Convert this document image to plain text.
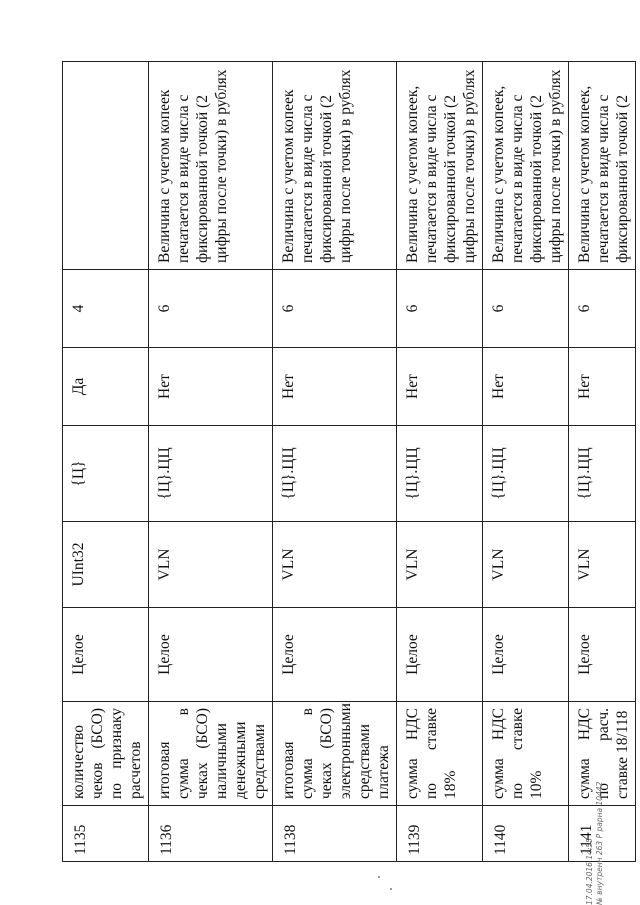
1135	количество чеков (БСО) по признаку расчетов	Целое	UInt32	{Ц}	Да	4	
1136	итоговая сумма в чеках (БСО) наличными денежными средствами	Целое	VLN	{Ц}.ЦЦ	Нет	6	Величина с учетом копеек печатается в виде числа с фиксированной точкой (2 цифры после точки) в рублях
1138	итоговая сумма в чеках (БСО) электронными средствами платежа	Целое	VLN	{Ц}.ЦЦ	Нет	6	Величина с учетом копеек печатается в виде числа с фиксированной точкой (2 цифры после точки) в рублях
1139	сумма НДС по ставке 18%	Целое	VLN	{Ц}.ЦЦ	Нет	6	Величина с учетом копеек, печатается в виде числа с фиксированной точкой (2 цифры после точки) в рублях
1140	сумма НДС по ставке 10%	Целое	VLN	{Ц}.ЦЦ	Нет	6	Величина с учетом копеек, печатается в виде числа с фиксированной точкой (2 цифры после точки) в рублях
1141	сумма НДС по расч. ставке 18/118	Целое	VLN	{Ц}.ЦЦ	Нет	6	Величина с учетом копеек, печатается в виде числа с фиксированной точкой (2
17.04.2016 14:55 № внутренн 263 Р рарна 10442
